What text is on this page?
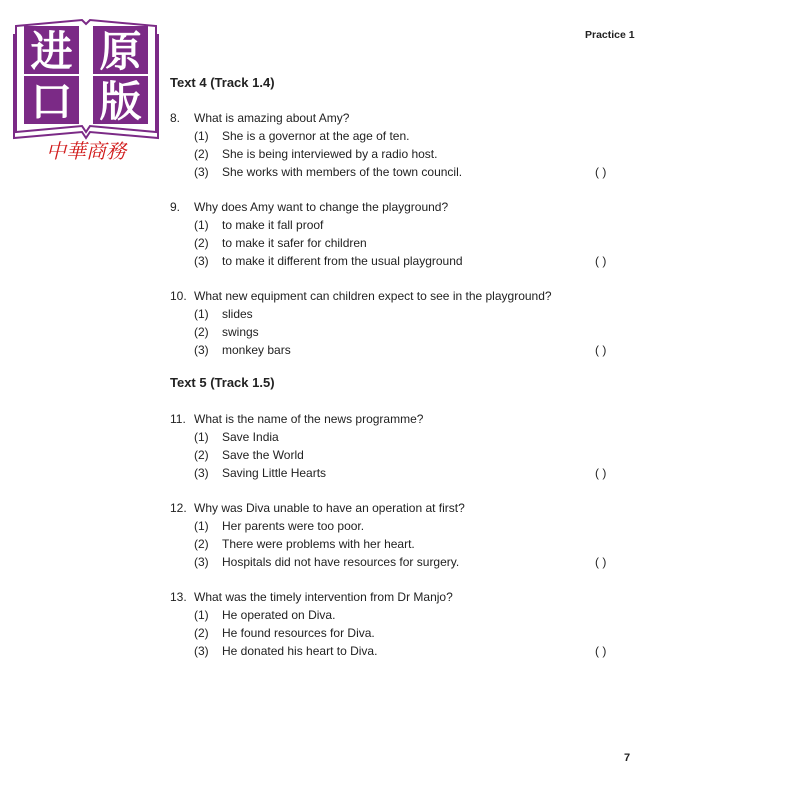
进 原
口 版
中華商務
Practice 1
Text 4 (Track 1.4)
Text 5 (Track 1.5)
8. What is amazing about Amy?
(1) She is a governor at the age of ten.
(2) She is being interviewed by a radio host.
(3) She works with members of the town council.	( )
9. Why does Amy want to change the playground?
(1) to make it fall proof
(2) to make it safer for children
(3) to make it different from the usual playground	( )
10. What new equipment can children expect to see in the playground?
(1) slides
(2) swings
(3) monkey bars	( )
11. What is the name of the news programme?
(1) Save India
(2) Save the World
(3) Saving Little Hearts	( )
12. Why was Diva unable to have an operation at first?
(1) Her parents were too poor.
(2) There were problems with her heart.
(3) Hospitals did not have resources for surgery.	( )
13. What was the timely intervention from Dr Manjo?
(1) He operated on Diva.
(2) He found resources for Diva.
(3) He donated his heart to Diva.	( )
7
